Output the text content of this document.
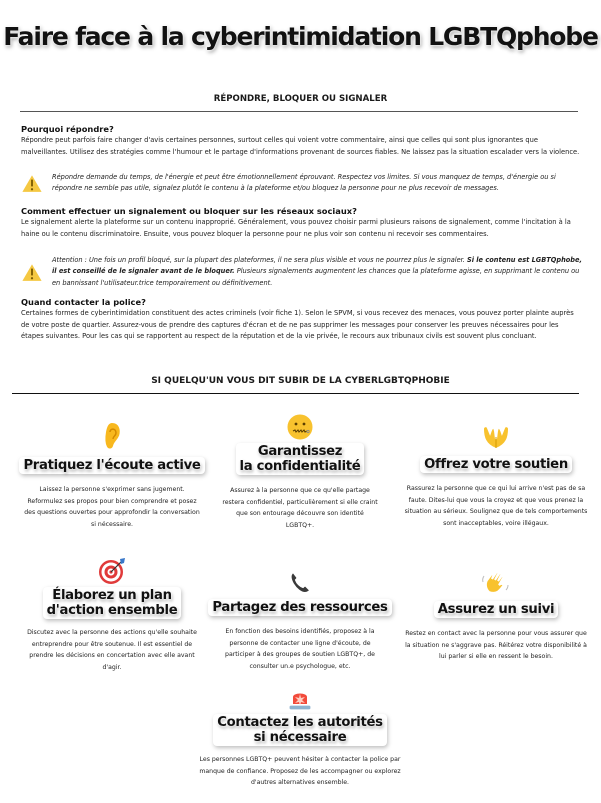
Faire face à la cyberintimidation LGBTQphobe
RÉPONDRE, BLOQUER OU SIGNALER

Pourquoi répondre?

Répondre peut parfois faire changer d'avis certaines personnes, surtout celles qui voient votre commentaire, ainsi que celles qui sont plus ignorantes que malveillantes. Utilisez des stratégies comme l'humour et le partage d'informations provenant de sources fiables. Ne laissez pas la situation escalader vers la violence.

Répondre demande du temps, de l'énergie et peut être émotionnellement éprouvant. Respectez vos limites. Si vous manquez de temps, d'énergie ou si répondre ne semble pas utile, signalez plutôt le contenu à la plateforme et/ou bloquez la personne pour ne plus recevoir de messages.

Comment effectuer un signalement ou bloquer sur les réseaux sociaux?

Le signalement alerte la plateforme sur un contenu inapproprié. Généralement, vous pouvez choisir parmi plusieurs raisons de signalement, comme l'incitation à la haine ou le contenu discriminatoire. Ensuite, vous pouvez bloquer la personne pour ne plus voir son contenu ni recevoir ses commentaires.

Attention : Une fois un profil bloqué, sur la plupart des plateformes, il ne sera plus visible et vous ne pourrez plus le signaler. Si le contenu est LGBTQphobe, il est conseillé de le signaler avant de le bloquer. Plusieurs signalements augmentent les chances que la plateforme agisse, en supprimant le contenu ou en bannissant l'utilisateur.trice temporairement ou définitivement.

Quand contacter la police?

Certaines formes de cyberintimidation constituent des actes criminels (voir fiche 1). Selon le SPVM, si vous recevez des menaces, vous pouvez porter plainte auprès de votre poste de quartier. Assurez-vous de prendre des captures d'écran et de ne pas supprimer les messages pour conserver les preuves nécessaires pour les étapes suivantes. Pour les cas qui se rapportent au respect de la réputation et de la vie privée, le recours aux tribunaux civils est souvent plus concluant.

SI QUELQU'UN VOUS DIT SUBIR DE LA CYBERLGBTQPHOBIE
Pratiquez l'écoute active
Laissez la personne s'exprimer sans jugement. Reformulez ses propos pour bien comprendre et posez des questions ouvertes pour approfondir la conversation si nécessaire.
Garantissez
la confidentialité
Assurez à la personne que ce qu'elle partage restera confidentiel, particulièrement si elle craint que son entourage découvre son identité LGBTQ+.
Offrez votre soutien
Rassurez la personne que ce qui lui arrive n'est pas de sa faute. Dites-lui que vous la croyez et que vous prenez la situation au sérieux. Soulignez que de tels comportements sont inacceptables, voire illégaux.
Élaborez un plan
d'action ensemble
Discutez avec la personne des actions qu'elle souhaite entreprendre pour être soutenue. Il est essentiel de prendre les décisions en concertation avec elle avant d'agir.
Partagez des ressources
En fonction des besoins identifiés, proposez à la personne de contacter une ligne d'écoute, de participer à des groupes de soutien LGBTQ+, de consulter un.e psychologue, etc.
Assurez un suivi
Restez en contact avec la personne pour vous assurer que la situation ne s'aggrave pas. Réitérez votre disponibilité à lui parler si elle en ressent le besoin.
Contactez les autorités
si nécessaire
Les personnes LGBTQ+ peuvent hésiter à contacter la police par manque de confiance. Proposez de les accompagner ou explorez d'autres alternatives ensemble.
